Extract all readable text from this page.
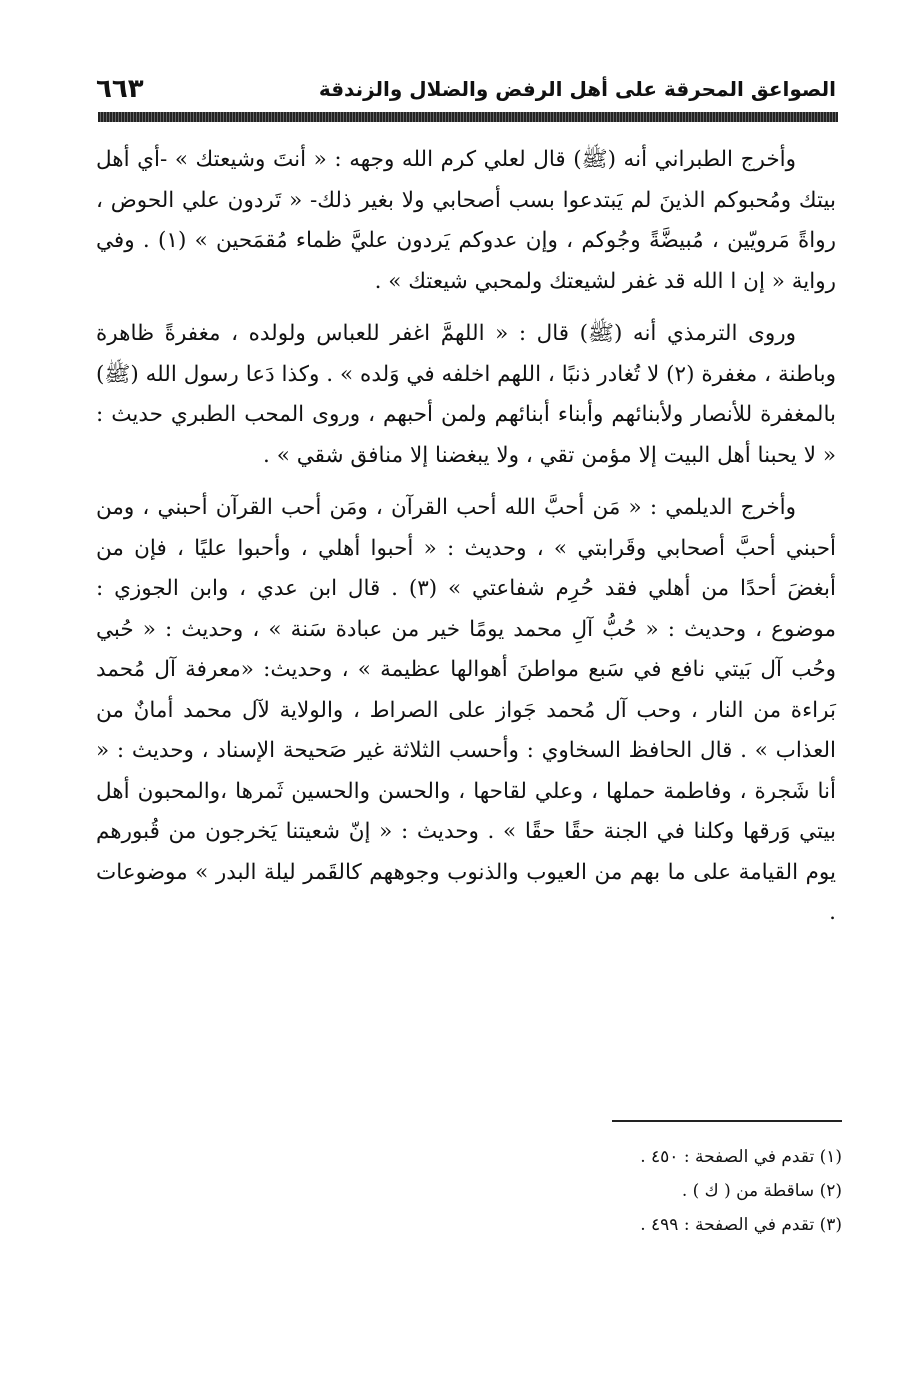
الصواعق المحرقة على أهل الرفض والضلال والزندقة
٦٦٣

وأخرج الطبراني أنه (ﷺ) قال لعلي كرم الله وجهه : « أنتَ وشيعتك » -أي أهل بيتك ومُحبوكم الذينَ لم يَبتدعوا بسب أصحابي ولا بغير ذلك- « تَردون علي الحوض ، رواةً مَرويّين ، مُبيضَّةً وجُوكم ، وإن عدوكم يَردون عليَّ ظماء مُقمَحين » (١) . وفي رواية « إن ا الله قد غفر لشيعتك ولمحبي شيعتك » .

وروى الترمذي أنه (ﷺ) قال : « اللهمَّ اغفر للعباس ولولده ، مغفرةً ظاهرة وباطنة ، مغفرة (٢) لا تُغادر ذنبًا ، اللهم اخلفه في وَلده » . وكذا دَعا رسول الله (ﷺ) بالمغفرة للأنصار ولأبنائهم وأبناء أبنائهم ولمن أحبهم ، وروى المحب الطبري حديث : « لا يحبنا أهل البيت إلا مؤمن تقي ، ولا يبغضنا إلا منافق شقي » .

وأخرج الديلمي : « مَن أحبَّ الله أحب القرآن ، ومَن أحب القرآن أحبني ، ومن أحبني أحبَّ أصحابي وقَرابتي » ، وحديث : « أحبوا أهلي ، وأحبوا عليًا ، فإن من أبغضَ أحدًا من أهلي فقد حُرِم شفاعتي » (٣) . قال ابن عدي ، وابن الجوزي : موضوع ، وحديث : « حُبُّ آلِ محمد يومًا خير من عبادة سَنة » ، وحديث : « حُبي وحُب آل بَيتي نافع في سَبع مواطنَ أهوالها عظيمة » ، وحديث: «معرفة آل مُحمد بَراءة من النار ، وحب آل مُحمد جَواز على الصراط ، والولاية لآل محمد أمانٌ من العذاب » . قال الحافظ السخاوي : وأحسب الثلاثة غير صَحيحة الإسناد ، وحديث : « أنا شَجرة ، وفاطمة حملها ، وعلي لقاحها ، والحسن والحسين ثَمرها ،والمحبون أهل بيتي وَرقها وكلنا في الجنة حقًا حقًا » . وحديث : « إنّ شعيتنا يَخرجون من قُبورهم يوم القيامة على ما بهم من العيوب والذنوب وجوههم كالقَمر ليلة البدر » موضوعات .

(١) تقدم في الصفحة : ٤٥٠ .
(٢) ساقطة من ( ك ) .
(٣) تقدم في الصفحة : ٤٩٩ .
